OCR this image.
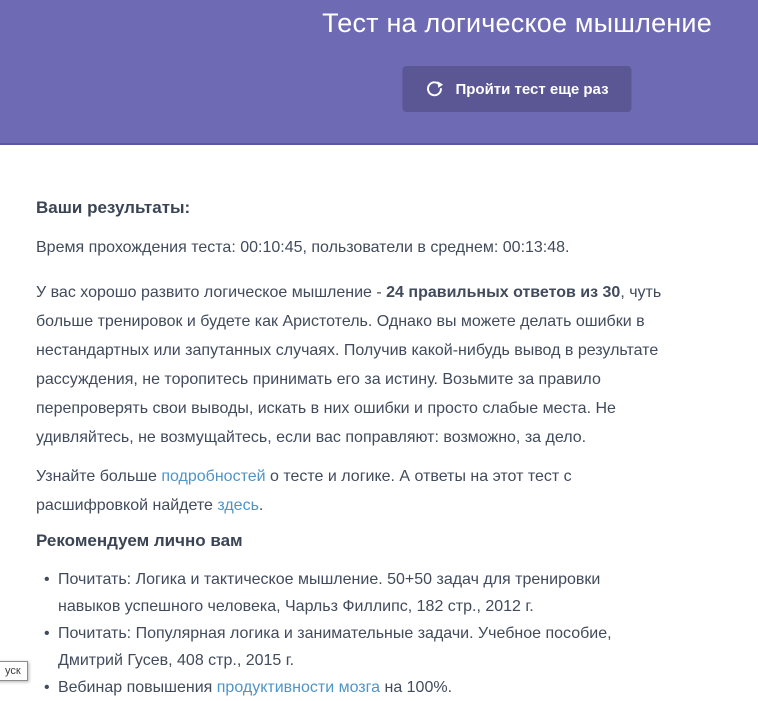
Тест на логическое мышление
Пройти тест еще раз
Ваши результаты:

Время прохождения теста: 00:10:45, пользователи в среднем: 00:13:48.

У вас хорошо развито логическое мышление - 24 правильных ответов из 30, чуть больше тренировок и будете как Аристотель. Однако вы можете делать ошибки в нестандартных или запутанных случаях. Получив какой-нибудь вывод в результате рассуждения, не торопитесь принимать его за истину. Возьмите за правило перепроверять свои выводы, искать в них ошибки и просто слабые места. Не удивляйтесь, не возмущайтесь, если вас поправляют: возможно, за дело.

Узнайте больше подробностей о тесте и логике. А ответы на этот тест с расшифровкой найдете здесь.

Рекомендуем лично вам
• Почитать: Логика и тактическое мышление. 50+50 задач для тренировки навыков успешного человека, Чарльз Филлипс, 182 стр., 2012 г.
• Почитать: Популярная логика и занимательные задачи. Учебное пособие, Дмитрий Гусев, 408 стр., 2015 г.
• Вебинар повышения продуктивности мозга на 100%.
уск
